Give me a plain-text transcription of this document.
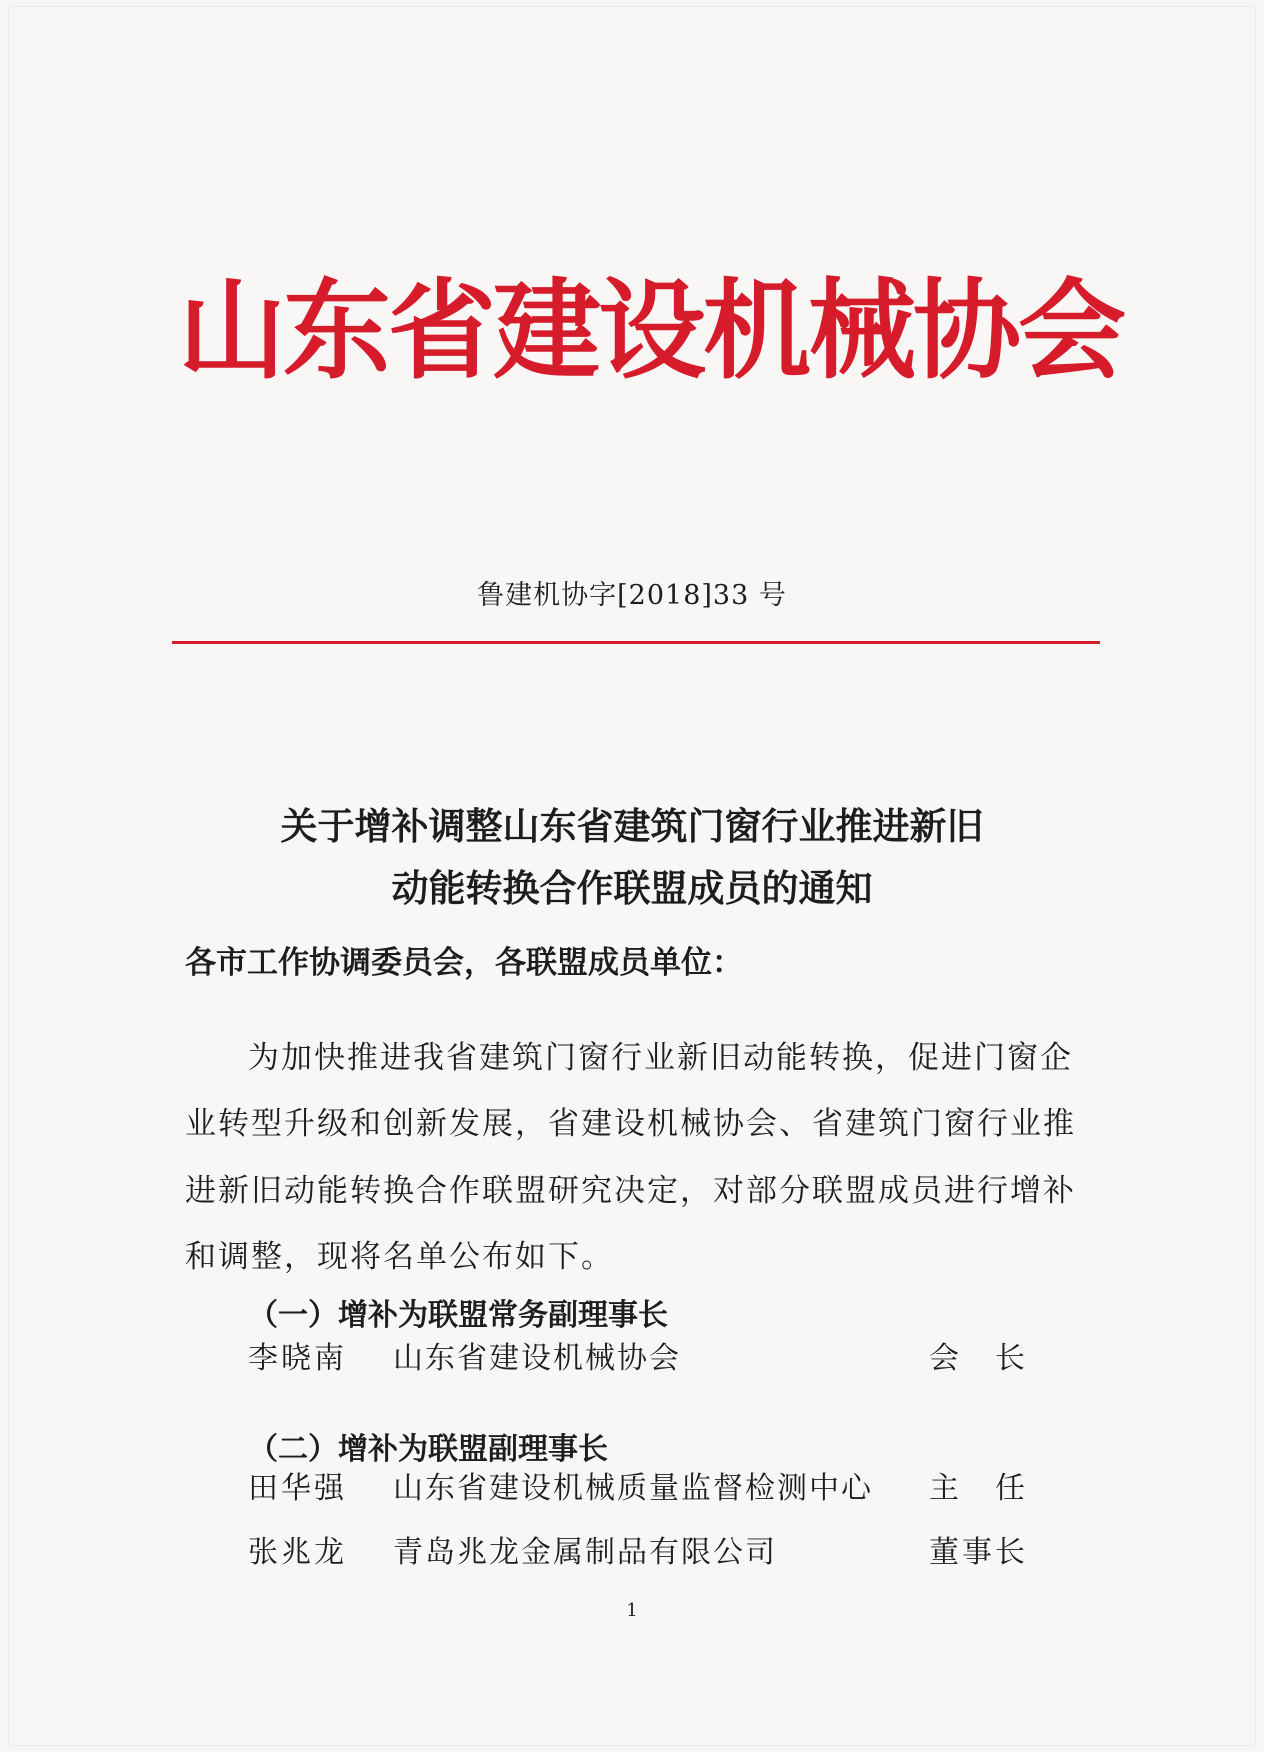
山东省建设机械协会
鲁建机协字[2018]33 号
关于增补调整山东省建筑门窗行业推进新旧
动能转换合作联盟成员的通知
各市工作协调委员会，各联盟成员单位：

为加快推进我省建筑门窗行业新旧动能转换，促进门窗企

业转型升级和创新发展，省建设机械协会、省建筑门窗行业推

进新旧动能转换合作联盟研究决定，对部分联盟成员进行增补

和调整，现将名单公布如下。

（一）增补为联盟常务副理事长
李晓南 山东省建设机械协会	会　长
（二）增补为联盟副理事长
田华强 山东省建设机械质量监督检测中心 主　任
张兆龙 青岛兆龙金属制品有限公司	董事长
1
